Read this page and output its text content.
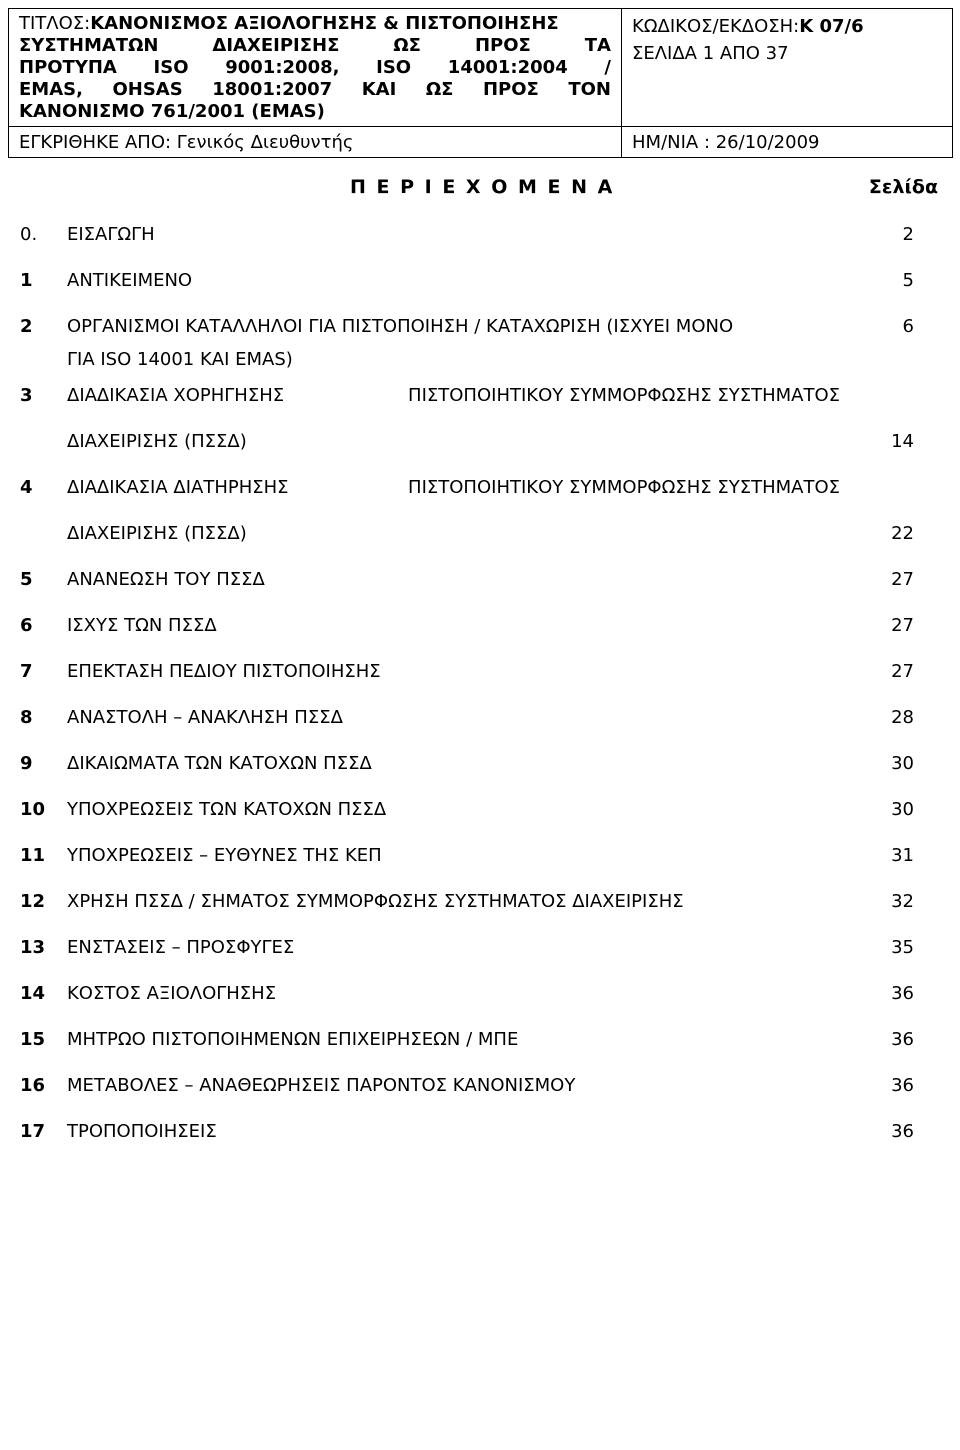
ΤΙΤΛΟΣ:ΚΑΝΟΝΙΣΜΟΣ ΑΞΙΟΛΟΓΗΣΗΣ & ΠΙΣΤΟΠΟΙΗΣΗΣ

ΣΥΣΤΗΜΑΤΩΝ ΔΙΑΧΕΙΡΙΣΗΣ ΩΣ ΠΡΟΣ ΤΑ
ΠΡΟΤΥΠΑ ISO 9001:2008, ISO 14001:2004 /
EMAS, OHSAS 18001:2007 ΚΑΙ ΩΣ ΠΡΟΣ ΤΟΝ
ΚΑΝΟΝΙΣΜΟ 761/2001 (EMAS)	ΚΩΔΙΚΟΣ/ΕΚΔΟΣΗ:Κ 07/6
ΣΕΛΙΔΑ 1 ΑΠΟ 37

ΕΓΚΡΙΘΗΚΕ ΑΠΟ: Γενικός Διευθυντής	ΗΜ/ΝΙΑ : 26/10/2009
Π Ε Ρ Ι Ε Χ Ο Μ Ε Ν Α	Σελίδα
0. ΕΙΣΑΓΩΓΗ	2
1 ΑΝΤΙΚΕΙΜΕΝΟ	5
2 ΟΡΓΑΝΙΣΜΟΙ ΚΑΤΑΛΛΗΛΟΙ ΓΙΑ ΠΙΣΤΟΠΟΙΗΣΗ / ΚΑΤΑΧΩΡΙΣΗ (ΙΣΧΥΕΙ ΜΟΝΟ	6
ΓΙΑ ISO 14001 ΚΑΙ EMAS)
3 ΔΙΑΔΙΚΑΣΙΑ ΧΟΡΗΓΗΣΗΣ	ΠΙΣΤΟΠΟΙΗΤΙΚΟΥ ΣΥΜΜΟΡΦΩΣΗΣ ΣΥΣΤΗΜΑΤΟΣ
ΔΙΑΧΕΙΡΙΣΗΣ (ΠΣΣΔ)	14
4 ΔΙΑΔΙΚΑΣΙΑ ΔΙΑΤΗΡΗΣΗΣ	ΠΙΣΤΟΠΟΙΗΤΙΚΟΥ ΣΥΜΜΟΡΦΩΣΗΣ ΣΥΣΤΗΜΑΤΟΣ
ΔΙΑΧΕΙΡΙΣΗΣ (ΠΣΣΔ)	22
5 ΑΝΑΝΕΩΣΗ ΤΟΥ ΠΣΣΔ	27
6 ΙΣΧΥΣ ΤΩΝ ΠΣΣΔ	27
7 ΕΠΕΚΤΑΣΗ ΠΕΔΙΟΥ ΠΙΣΤΟΠΟΙΗΣΗΣ	27
8 ΑΝΑΣΤΟΛΗ – ΑΝΑΚΛΗΣΗ ΠΣΣΔ	28
9 ΔΙΚΑΙΩΜΑΤΑ ΤΩΝ ΚΑΤΟΧΩΝ ΠΣΣΔ	30
10 ΥΠΟΧΡΕΩΣΕΙΣ ΤΩΝ ΚΑΤΟΧΩΝ ΠΣΣΔ	30
11 ΥΠΟΧΡΕΩΣΕΙΣ – ΕΥΘΥΝΕΣ ΤΗΣ ΚΕΠ	31
12 ΧΡΗΣΗ ΠΣΣΔ / ΣΗΜΑΤΟΣ ΣΥΜΜΟΡΦΩΣΗΣ ΣΥΣΤΗΜΑΤΟΣ ΔΙΑΧΕΙΡΙΣΗΣ	32
13 ΕΝΣΤΑΣΕΙΣ – ΠΡΟΣΦΥΓΕΣ	35
14 ΚΟΣΤΟΣ ΑΞΙΟΛΟΓΗΣΗΣ	36
15 ΜΗΤΡΩΟ ΠΙΣΤΟΠΟΙΗΜΕΝΩΝ ΕΠΙΧΕΙΡΗΣΕΩΝ / ΜΠΕ	36
16 ΜΕΤΑΒΟΛΕΣ – ΑΝΑΘΕΩΡΗΣΕΙΣ ΠΑΡΟΝΤΟΣ ΚΑΝΟΝΙΣΜΟΥ	36
17 ΤΡΟΠΟΠΟΙΗΣΕΙΣ	36
